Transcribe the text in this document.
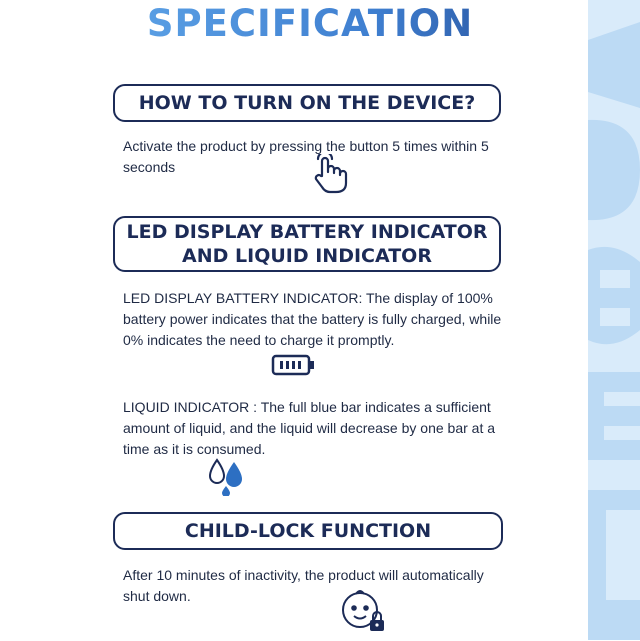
SPECIFICATION
HOW TO TURN ON THE DEVICE?
Activate the product by pressing the button 5 times within 5 seconds
LED DISPLAY BATTERY INDICATOR
AND LIQUID INDICATOR
LED DISPLAY BATTERY INDICATOR: The display of 100% battery power indicates that the battery is fully charged, while 0% indicates the need to charge it promptly.
LIQUID INDICATOR : The full blue bar indicates a sufficient amount of liquid, and the liquid will decrease by one bar at a time as it is consumed.
CHILD-LOCK FUNCTION
After 10 minutes of inactivity, the product will automatically shut down.
